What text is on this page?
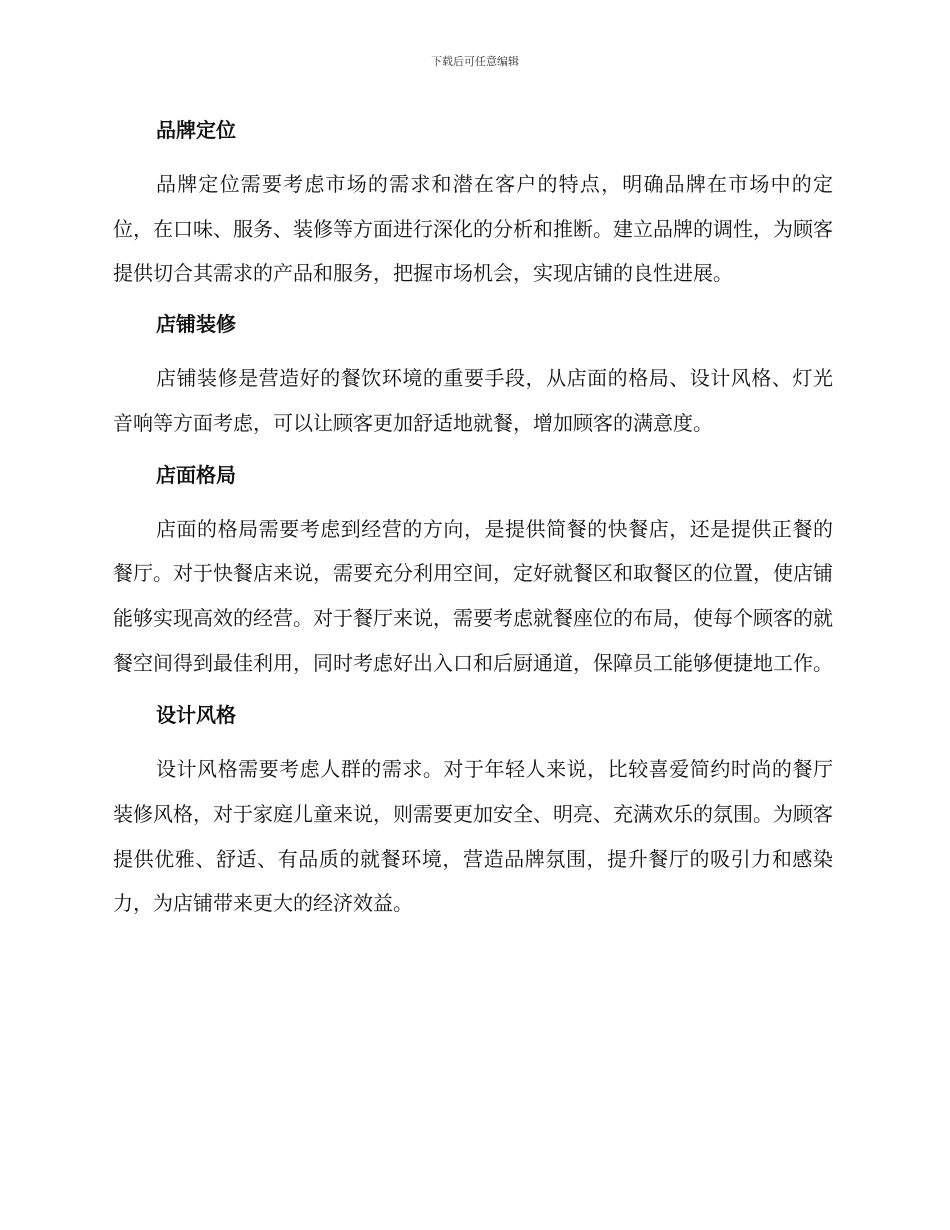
下载后可任意编辑
品牌定位

品牌定位需要考虑市场的需求和潜在客户的特点，明确品牌在市场中的定位，在口味、服务、装修等方面进行深化的分析和推断。建立品牌的调性，为顾客提供切合其需求的产品和服务，把握市场机会，实现店铺的良性进展。

店铺装修

店铺装修是营造好的餐饮环境的重要手段，从店面的格局、设计风格、灯光音响等方面考虑，可以让顾客更加舒适地就餐，增加顾客的满意度。

店面格局

店面的格局需要考虑到经营的方向，是提供简餐的快餐店，还是提供正餐的餐厅。对于快餐店来说，需要充分利用空间，定好就餐区和取餐区的位置，使店铺能够实现高效的经营。对于餐厅来说，需要考虑就餐座位的布局，使每个顾客的就餐空间得到最佳利用，同时考虑好出入口和后厨通道，保障员工能够便捷地工作。

设计风格

设计风格需要考虑人群的需求。对于年轻人来说，比较喜爱简约时尚的餐厅装修风格，对于家庭儿童来说，则需要更加安全、明亮、充满欢乐的氛围。为顾客提供优雅、舒适、有品质的就餐环境，营造品牌氛围，提升餐厅的吸引力和感染力，为店铺带来更大的经济效益。
